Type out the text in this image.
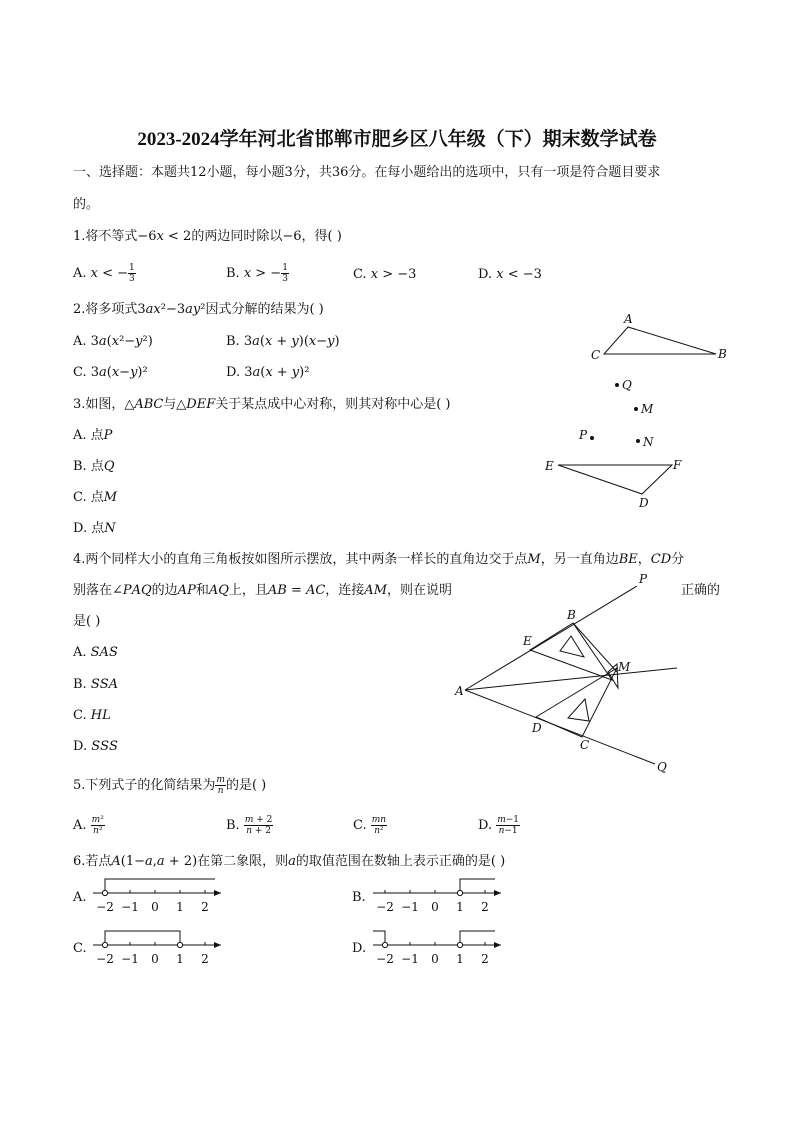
2023-2024学年河北省邯郸市肥乡区八年级（下）期末数学试卷
一、选择题：本题共12小题，每小题3分，共36分。在每小题给出的选项中，只有一项是符合题目要求
的。
1.将不等式−6𝑥 < 2的两边同时除以−6，得( )
A. 𝑥 < − $\frac{1}{3}$	B. 𝑥 > − $\frac{1}{3}$	C. 𝑥 > −3	D. 𝑥 < −3
2.将多项式3𝑎𝑥²−3𝑎𝑦²因式分解的结果为( )
A. 3𝑎(𝑥²−𝑦²)	B. 3𝑎(𝑥 + 𝑦)(𝑥−𝑦)
C. 3𝑎(𝑥−𝑦)²	D. 3𝑎(𝑥 + 𝑦)²
3.如图，△𝐴𝐵𝐶与△𝐷𝐸𝐹关于某点成中心对称，则其对称中心是( )
A. 点𝑃
B. 点𝑄
C. 点𝑀
D. 点𝑁
A
C	B
Q
M
P	N
E	F
D
4.两个同样大小的直角三角板按如图所示摆放，其中两条一样长的直角边交于点𝑀，另一直角边𝐵𝐸，𝐶𝐷分
别落在∠𝑃𝐴𝑄的边𝐴𝑃和𝐴𝑄上，且𝐴𝐵 = 𝐴𝐶，连接𝐴𝑀，则在说明	正确的
是( )
A. 𝑆𝐴𝑆
B. 𝑆𝑆𝐴
C. 𝐻𝐿
D. 𝑆𝑆𝑆
P
B
E
M
A
D
C
Q
5.下列式子的化简结果为 $\frac{\text{𝑚}}{\text{𝑛}}$ 的是( )
A. $\frac{\text{𝑚²}}{\text{𝑛²}}$	B. $\frac{\text{𝑚 + 2}}{\text{𝑛 + 2}}$	C. $\frac{\text{𝑚𝑛}}{\text{𝑛²}}$	D. $\frac{\text{𝑚−1}}{\text{𝑛−1}}$
6.若点𝐴(1−𝑎,𝑎 + 2)在第二象限，则𝑎的取值范围在数轴上表示正确的是( )
A.	B.
C.	D.
−2 −1 0 1 2	−2 −1 0 1 2
−2 −1 0 1 2	−2 −1 0 1 2
